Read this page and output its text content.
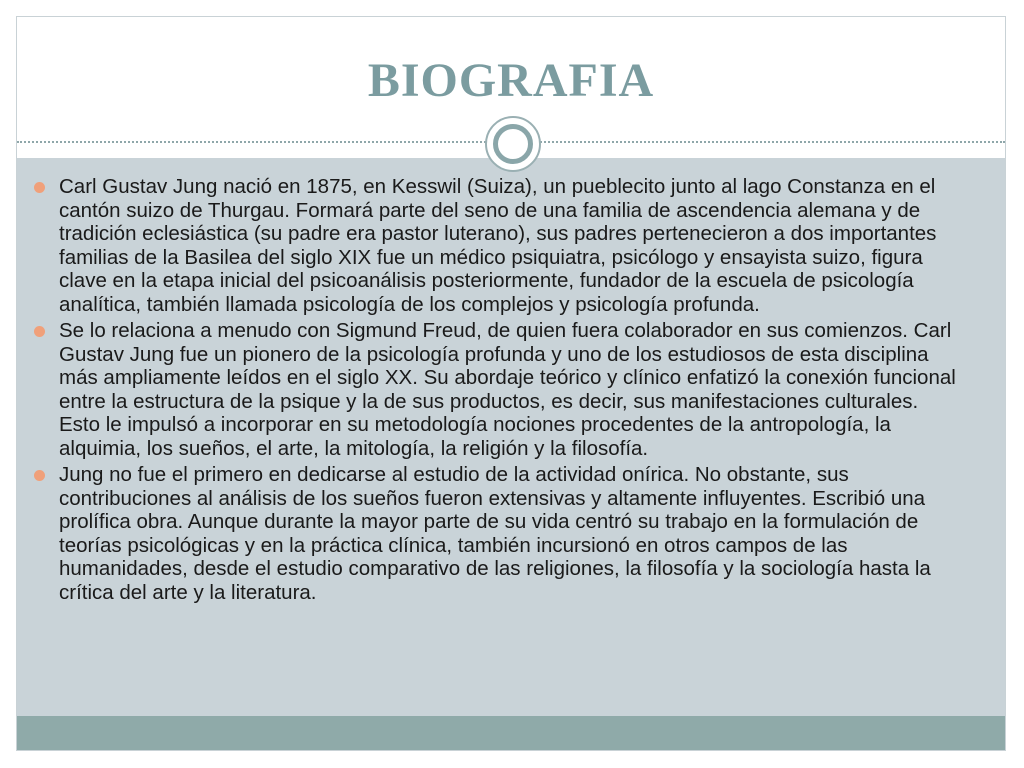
BIOGRAFIA
Carl Gustav Jung nació en 1875, en Kesswil (Suiza), un pueblecito junto al lago Constanza en el cantón suizo de Thurgau. Formará parte del seno de una familia de ascendencia alemana y de tradición eclesiástica (su padre era pastor luterano), sus padres pertenecieron a dos importantes familias de la Basilea del siglo XIX fue un médico psiquiatra, psicólogo y ensayista suizo, figura clave en la etapa inicial del psicoanálisis posteriormente, fundador de la escuela de psicología analítica, también llamada psicología de los complejos y psicología profunda.
Se lo relaciona a menudo con Sigmund Freud, de quien fuera colaborador en sus comienzos. Carl Gustav Jung fue un pionero de la psicología profunda y uno de los estudiosos de esta disciplina más ampliamente leídos en el siglo XX. Su abordaje teórico y clínico enfatizó la conexión funcional entre la estructura de la psique y la de sus productos, es decir, sus manifestaciones culturales. Esto le impulsó a incorporar en su metodología nociones procedentes de la antropología, la alquimia, los sueños, el arte, la mitología, la religión y la filosofía.
Jung no fue el primero en dedicarse al estudio de la actividad onírica. No obstante, sus contribuciones al análisis de los sueños fueron extensivas y altamente influyentes. Escribió una prolífica obra. Aunque durante la mayor parte de su vida centró su trabajo en la formulación de teorías psicológicas y en la práctica clínica, también incursionó en otros campos de las humanidades, desde el estudio comparativo de las religiones, la filosofía y la sociología hasta la crítica del arte y la literatura.
